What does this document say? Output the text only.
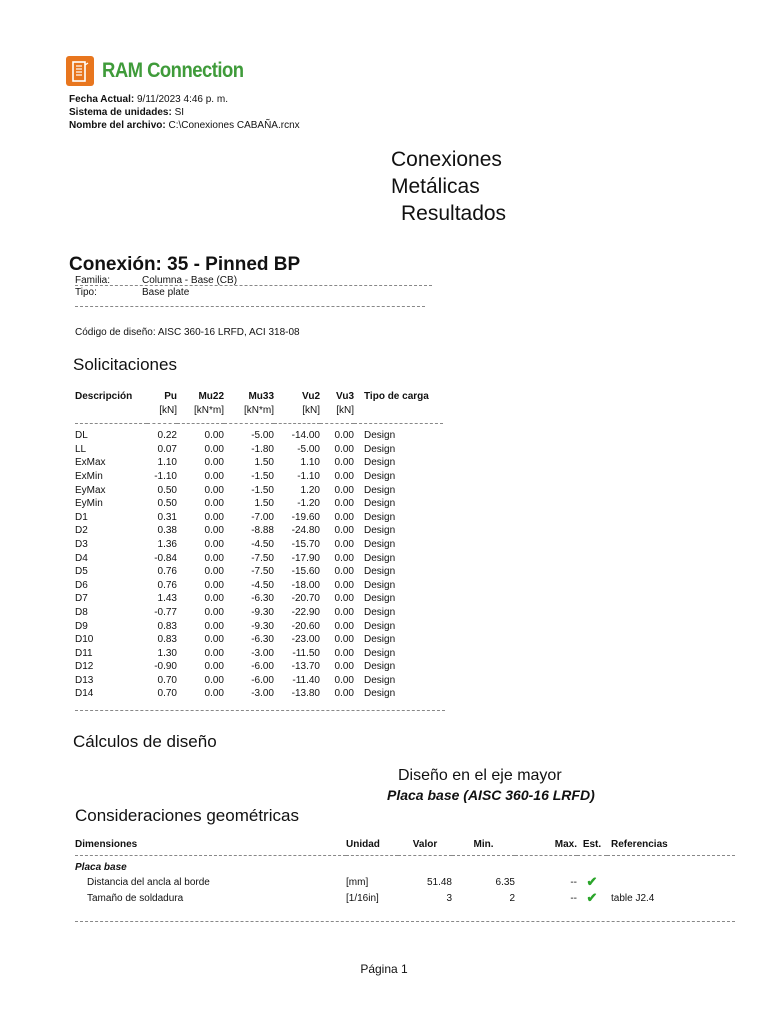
RAM Connection
Fecha Actual: 9/11/2023 4:46 p. m.
Sistema de unidades: SI
Nombre del archivo: C:\Conexiones CABAÑA.rcnx
Conexiones
Metálicas
Resultados
Conexión: 35 - Pinned BP
Familia:	Columna - Base (CB)
Tipo:	Base plate
Código de diseño: AISC 360-16 LRFD, ACI 318-08
Solicitaciones
Descripción	Pu	Mu22	Mu33	Vu2	Vu3	Tipo de carga
	[kN]	[kN*m]	[kN*m]	[kN]	[kN]	

DL	0.22	0.00	-5.00	-14.00	0.00	Design
LL	0.07	0.00	-1.80	-5.00	0.00	Design
ExMax	1.10	0.00	1.50	1.10	0.00	Design
ExMin	-1.10	0.00	-1.50	-1.10	0.00	Design
EyMax	0.50	0.00	-1.50	1.20	0.00	Design
EyMin	0.50	0.00	1.50	-1.20	0.00	Design
D1	0.31	0.00	-7.00	-19.60	0.00	Design
D2	0.38	0.00	-8.88	-24.80	0.00	Design
D3	1.36	0.00	-4.50	-15.70	0.00	Design
D4	-0.84	0.00	-7.50	-17.90	0.00	Design
D5	0.76	0.00	-7.50	-15.60	0.00	Design
D6	0.76	0.00	-4.50	-18.00	0.00	Design
D7	1.43	0.00	-6.30	-20.70	0.00	Design
D8	-0.77	0.00	-9.30	-22.90	0.00	Design
D9	0.83	0.00	-9.30	-20.60	0.00	Design
D10	0.83	0.00	-6.30	-23.00	0.00	Design
D11	1.30	0.00	-3.00	-11.50	0.00	Design
D12	-0.90	0.00	-6.00	-13.70	0.00	Design
D13	0.70	0.00	-6.00	-11.40	0.00	Design
D14	0.70	0.00	-3.00	-13.80	0.00	Design
Cálculos de diseño
Diseño en el eje mayor
Placa base (AISC 360-16 LRFD)
Consideraciones geométricas
Dimensiones	Unidad	Valor	Min.	Max.	Est.	Referencias
Placa base						
Distancia del ancla al borde	[mm]	51.48	6.35	--	✔	
Tamaño de soldadura	[1/16in]	3	2	--	✔	table J2.4
Página 1
